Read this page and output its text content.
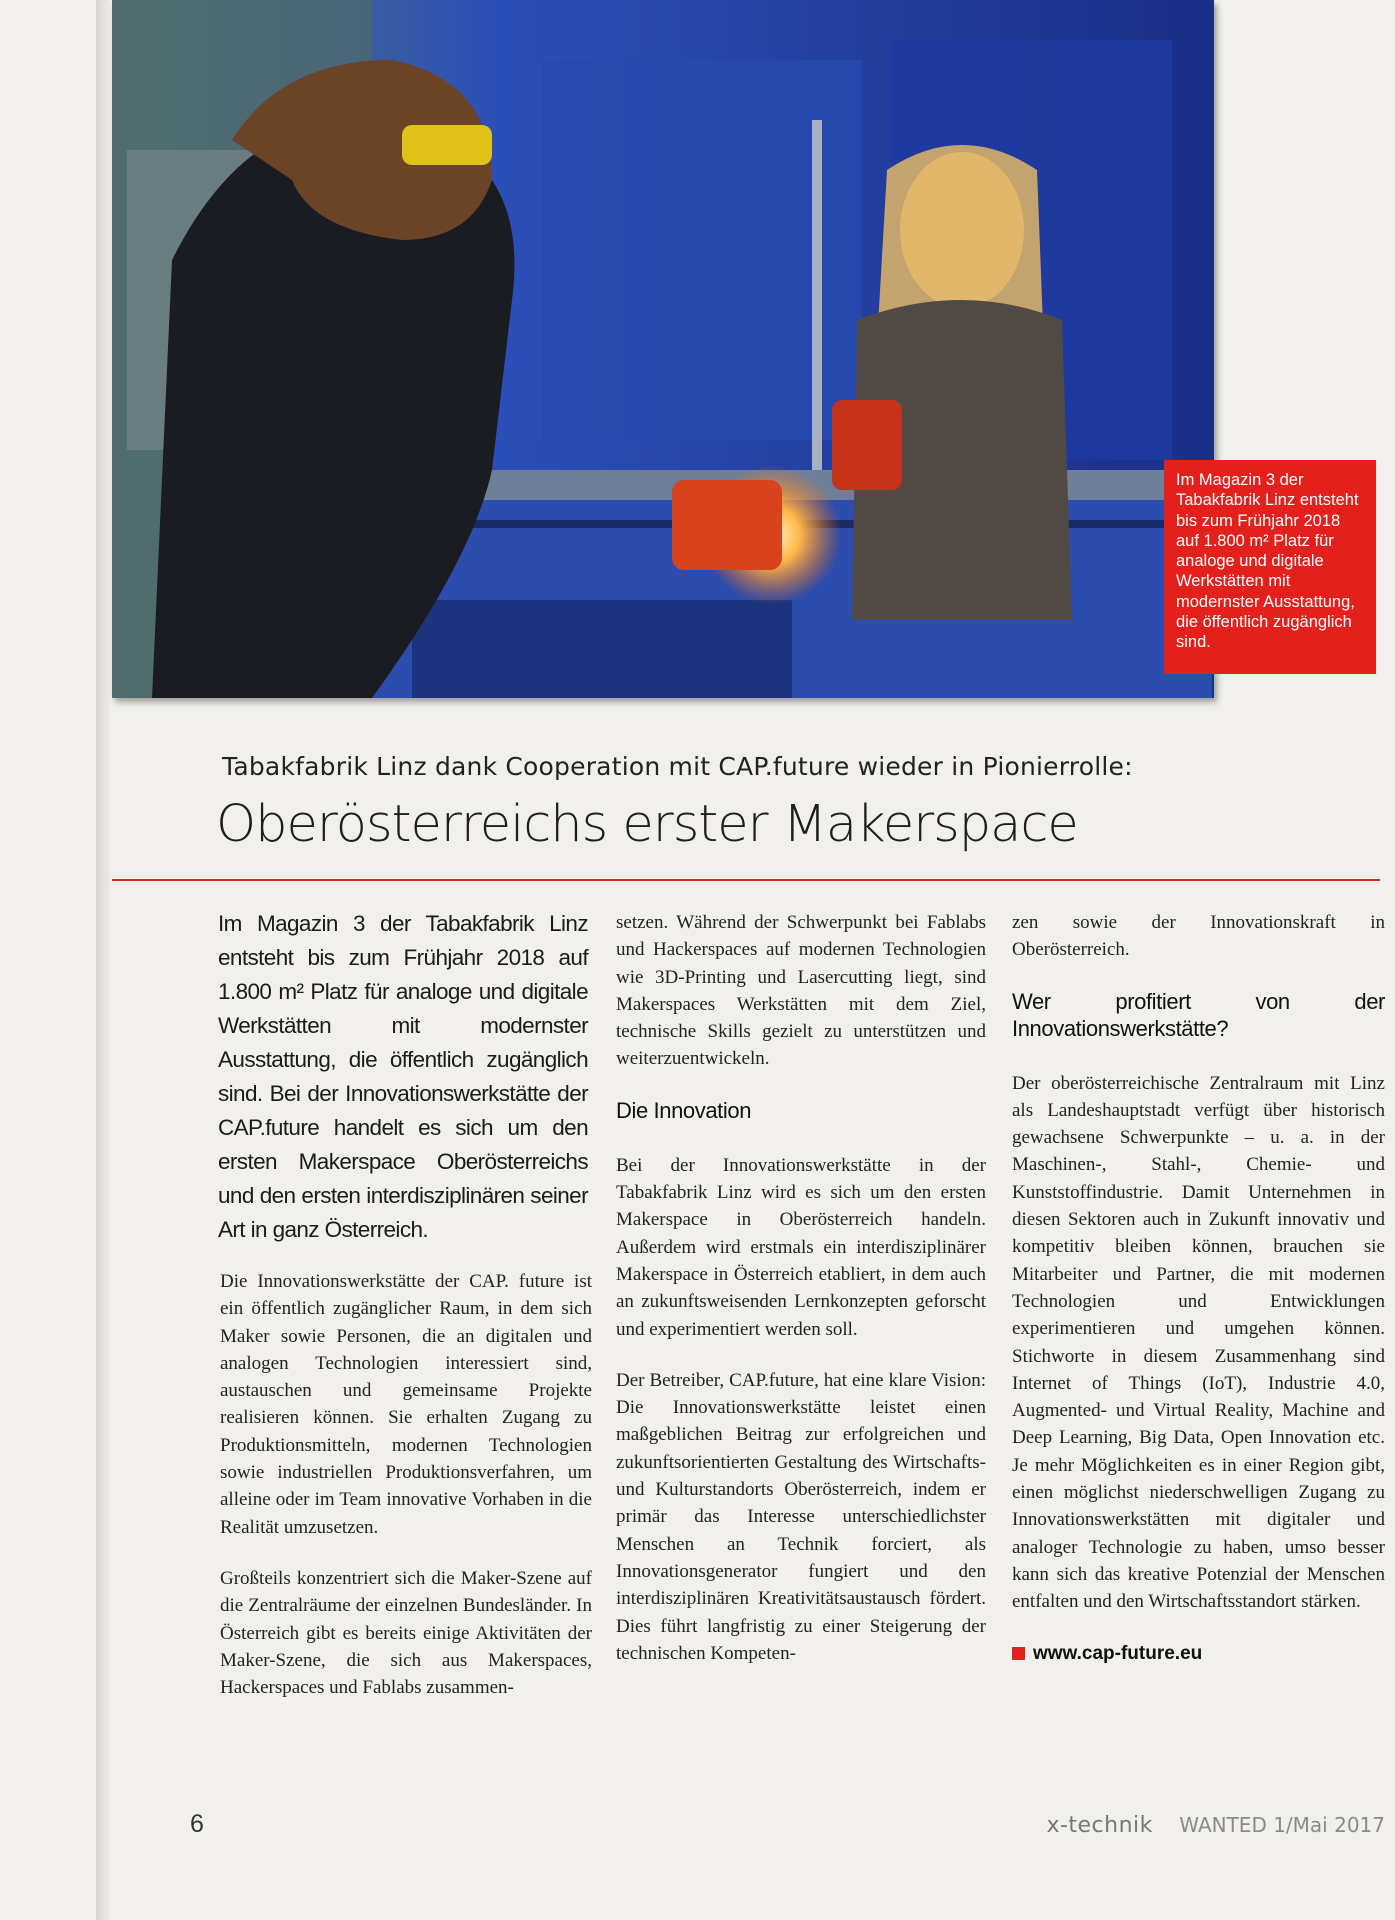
Im Magazin 3 der Tabakfabrik Linz entsteht bis zum Frühjahr 2018 auf 1.800 m² Platz für analoge und digitale Werkstätten mit modernster Ausstattung, die öffentlich zugänglich sind.
Tabakfabrik Linz dank Cooperation mit CAP.future wieder in Pionierrolle:
Oberösterreichs erster Makerspace
Im Magazin 3 der Tabakfabrik Linz entsteht bis zum Frühjahr 2018 auf 1.800 m² Platz für analoge und digitale Werkstätten mit modernster Ausstattung, die öffentlich zugänglich sind. Bei der Innovationswerkstätte der CAP.future handelt es sich um den ersten Makerspace Oberösterreichs und den ersten interdisziplinären seiner Art in ganz Österreich.

Die Innovationswerkstätte der CAP. future ist ein öffentlich zugänglicher Raum, in dem sich Maker sowie Personen, die an digitalen und analogen Technologien interessiert sind, austauschen und gemeinsame Projekte realisieren können. Sie erhalten Zugang zu Produktionsmitteln, modernen Technologien sowie industriellen Produktionsverfahren, um alleine oder im Team innovative Vorhaben in die Realität umzusetzen.

Großteils konzentriert sich die Maker-Szene auf die Zentralräume der einzelnen Bundesländer. In Österreich gibt es bereits einige Aktivitäten der Maker-Szene, die sich aus Makerspaces, Hackerspaces und Fablabs zusammen-

setzen. Während der Schwerpunkt bei Fablabs und Hackerspaces auf modernen Technologien wie 3D-Printing und Lasercutting liegt, sind Makerspaces Werkstätten mit dem Ziel, technische Skills gezielt zu unterstützen und weiterzuentwickeln.

Die Innovation

Bei der Innovationswerkstätte in der Tabakfabrik Linz wird es sich um den ersten Makerspace in Oberösterreich handeln. Außerdem wird erstmals ein interdisziplinärer Makerspace in Österreich etabliert, in dem auch an zukunftsweisenden Lernkonzepten geforscht und experimentiert werden soll.

Der Betreiber, CAP.future, hat eine klare Vision: Die Innovationswerkstätte leistet einen maßgeblichen Beitrag zur erfolgreichen und zukunftsorientierten Gestaltung des Wirtschafts- und Kulturstandorts Oberösterreich, indem er primär das Interesse unterschiedlichster Menschen an Technik forciert, als Innovationsgenerator fungiert und den interdisziplinären Kreativitätsaustausch fördert. Dies führt langfristig zu einer Steigerung der technischen Kompeten-

zen sowie der Innovationskraft in Oberösterreich.

Wer profitiert von der Innovationswerkstätte?

Der oberösterreichische Zentralraum mit Linz als Landeshauptstadt verfügt über historisch gewachsene Schwerpunkte – u. a. in der Maschinen-, Stahl-, Chemie- und Kunststoffindustrie. Damit Unternehmen in diesen Sektoren auch in Zukunft innovativ und kompetitiv bleiben können, brauchen sie Mitarbeiter und Partner, die mit modernen Technologien und Entwicklungen experimentieren und umgehen können. Stichworte in diesem Zusammenhang sind Internet of Things (IoT), Industrie 4.0, Augmented- und Virtual Reality, Machine and Deep Learning, Big Data, Open Innovation etc. Je mehr Möglichkeiten es in einer Region gibt, einen möglichst niederschwelligen Zugang zu Innovationswerkstätten mit digitaler und analoger Technologie zu haben, umso besser kann sich das kreative Potenzial der Menschen entfalten und den Wirtschaftsstandort stärken.

www.cap-future.eu
6	x-technik WANTED 1/Mai 2017
